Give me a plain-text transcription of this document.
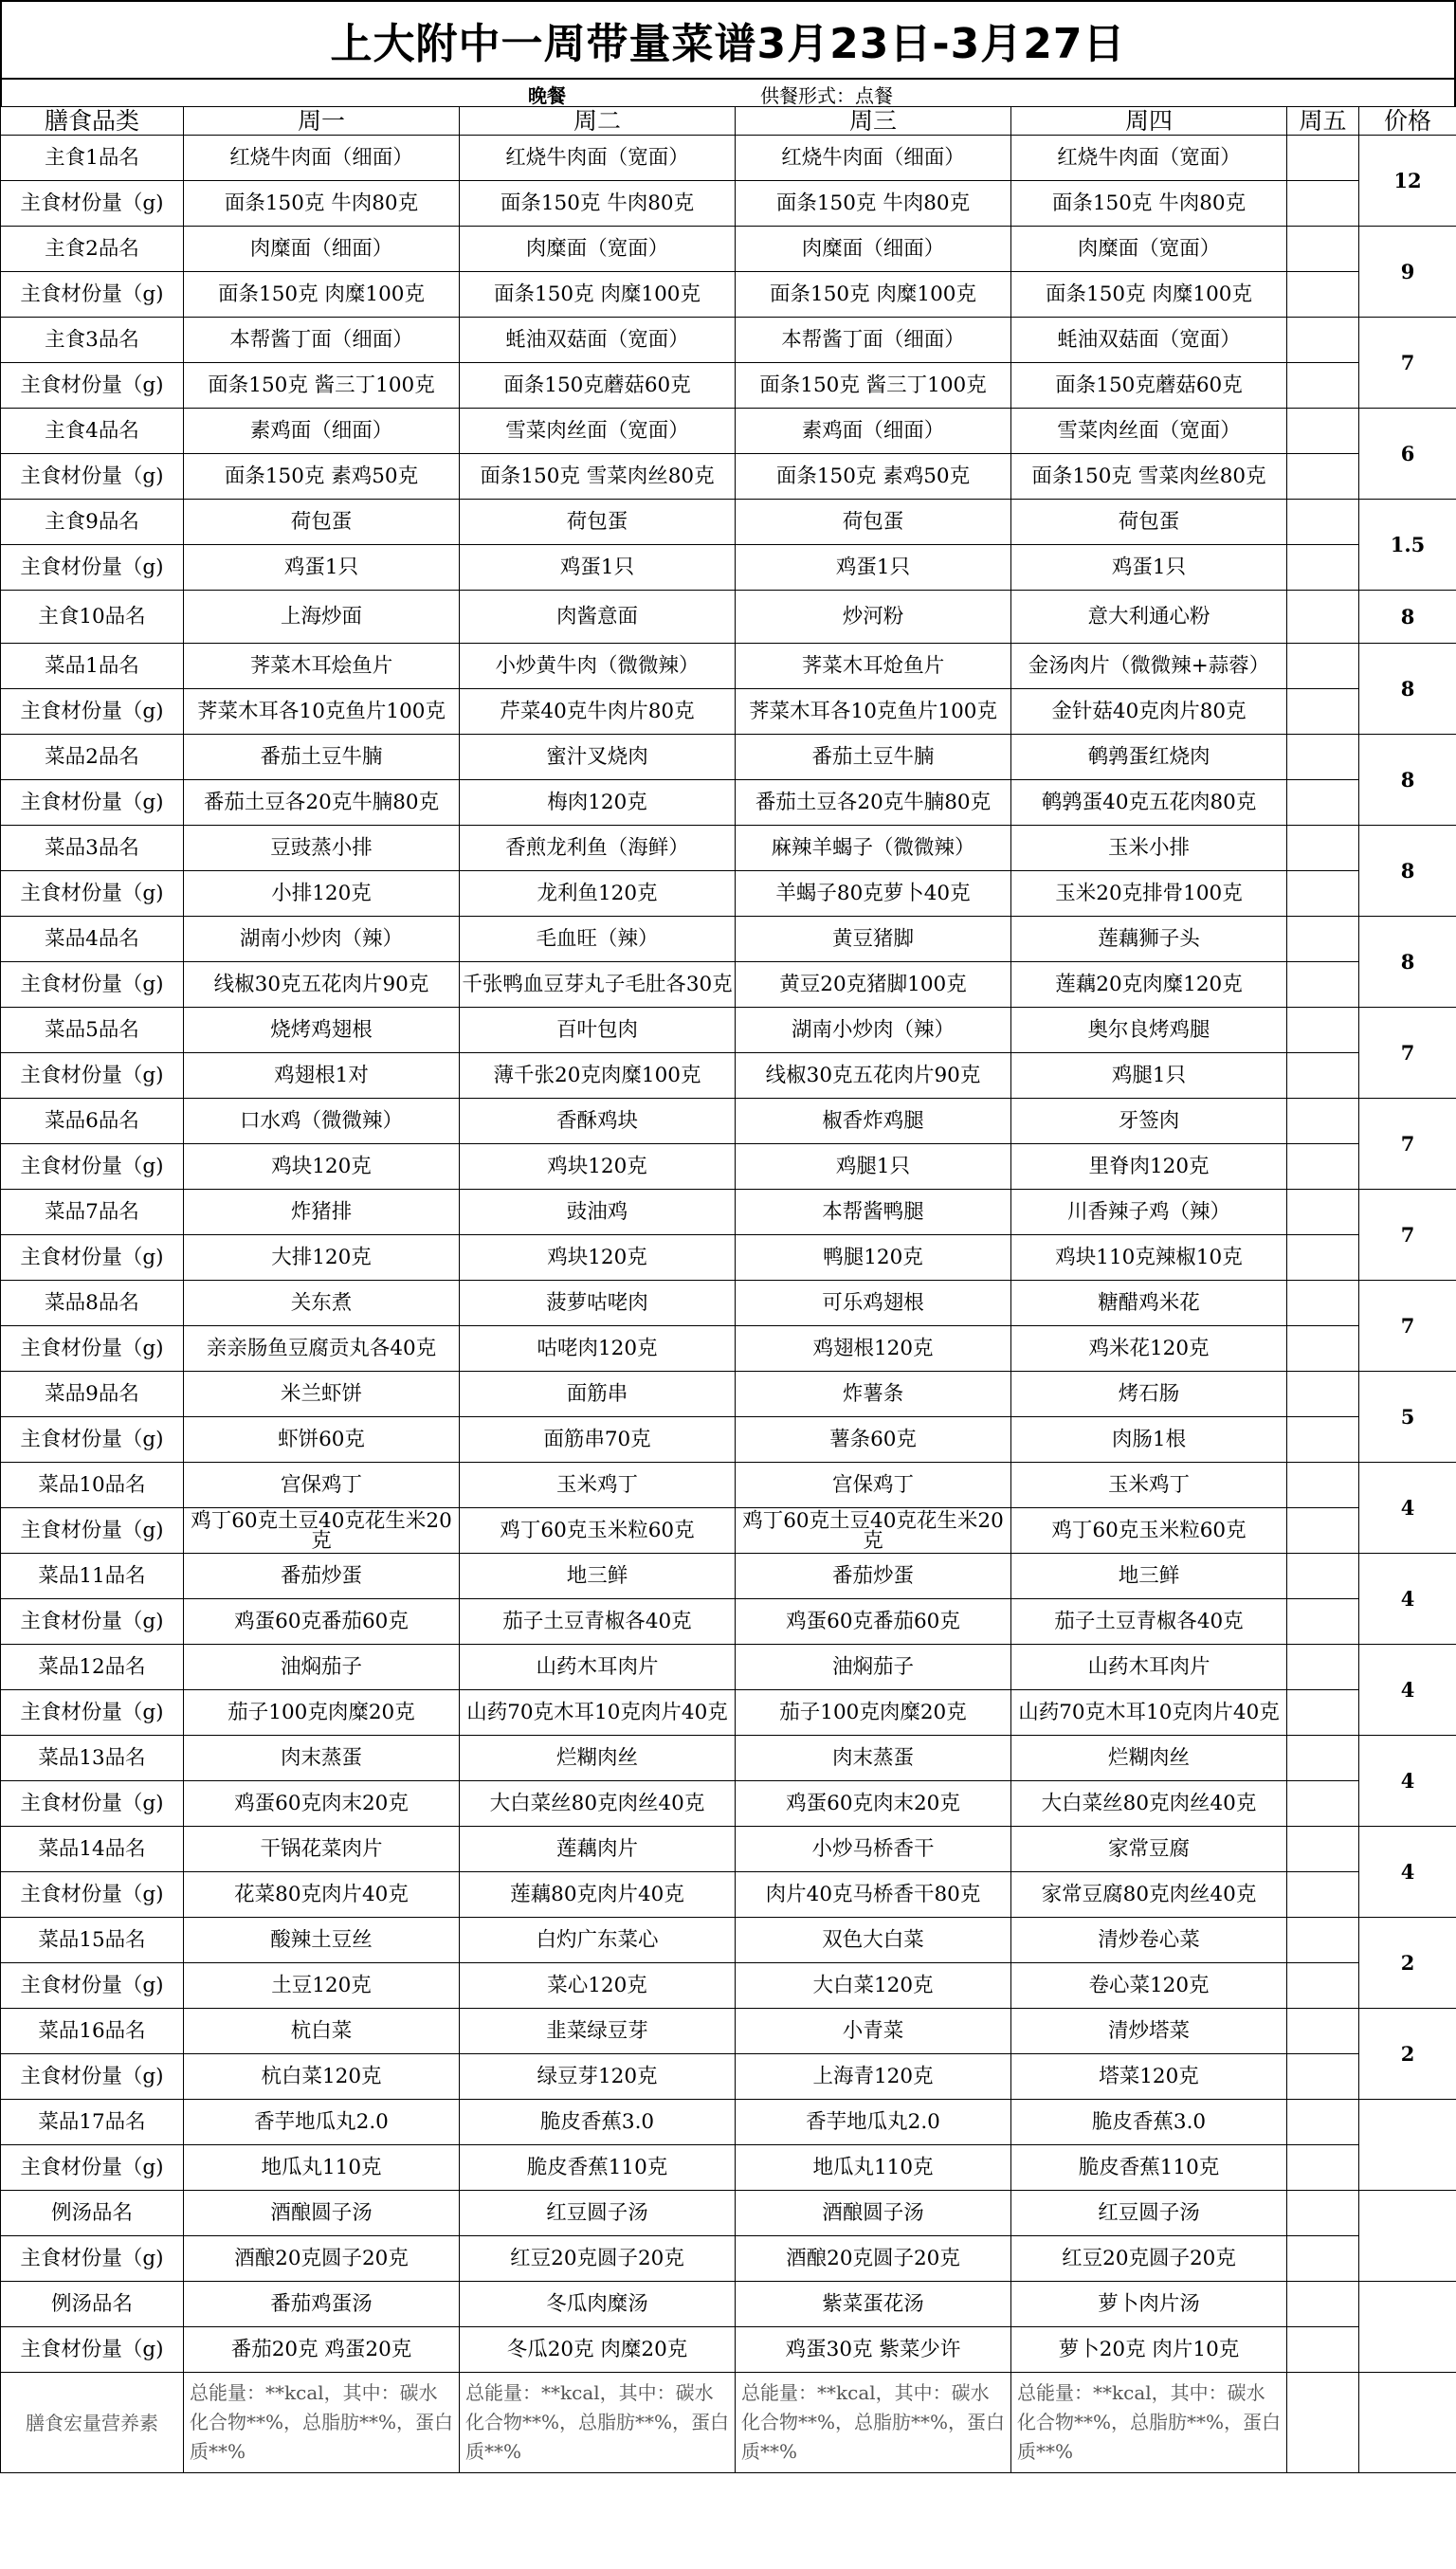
上大附中一周带量菜谱3月23日-3月27日
晚餐	供餐形式：点餐
膳食品类	周一	周二	周三	周四	周五	价格
主食1品名	红烧牛肉面（细面）	红烧牛肉面（宽面）	红烧牛肉面（细面）	红烧牛肉面（宽面）		12
主食材份量（g)	面条150克 牛肉80克	面条150克 牛肉80克	面条150克 牛肉80克	面条150克 牛肉80克		
主食2品名	肉糜面（细面）	肉糜面（宽面）	肉糜面（细面）	肉糜面（宽面）		9
主食材份量（g)	面条150克 肉糜100克	面条150克 肉糜100克	面条150克 肉糜100克	面条150克 肉糜100克		
主食3品名	本帮酱丁面（细面）	蚝油双菇面（宽面）	本帮酱丁面（细面）	蚝油双菇面（宽面）		7
主食材份量（g)	面条150克 酱三丁100克	面条150克蘑菇60克	面条150克 酱三丁100克	面条150克蘑菇60克		
主食4品名	素鸡面（细面）	雪菜肉丝面（宽面）	素鸡面（细面）	雪菜肉丝面（宽面）		6
主食材份量（g)	面条150克 素鸡50克	面条150克 雪菜肉丝80克	面条150克 素鸡50克	面条150克 雪菜肉丝80克		
主食9品名	荷包蛋	荷包蛋	荷包蛋	荷包蛋		1.5
主食材份量（g)	鸡蛋1只	鸡蛋1只	鸡蛋1只	鸡蛋1只		
主食10品名	上海炒面	肉酱意面	炒河粉	意大利通心粉		8
菜品1品名	荠菜木耳烩鱼片	小炒黄牛肉（微微辣）	荠菜木耳炝鱼片	金汤肉片（微微辣+蒜蓉）		8
主食材份量（g)	荠菜木耳各10克鱼片100克	芹菜40克牛肉片80克	荠菜木耳各10克鱼片100克	金针菇40克肉片80克		
菜品2品名	番茄土豆牛腩	蜜汁叉烧肉	番茄土豆牛腩	鹌鹑蛋红烧肉		8
主食材份量（g)	番茄土豆各20克牛腩80克	梅肉120克	番茄土豆各20克牛腩80克	鹌鹑蛋40克五花肉80克		
菜品3品名	豆豉蒸小排	香煎龙利鱼（海鲜）	麻辣羊蝎子（微微辣）	玉米小排		8
主食材份量（g)	小排120克	龙利鱼120克	羊蝎子80克萝卜40克	玉米20克排骨100克		
菜品4品名	湖南小炒肉（辣）	毛血旺（辣）	黄豆猪脚	莲藕狮子头		8
主食材份量（g)	线椒30克五花肉片90克	千张鸭血豆芽丸子毛肚各30克	黄豆20克猪脚100克	莲藕20克肉糜120克		
菜品5品名	烧烤鸡翅根	百叶包肉	湖南小炒肉（辣）	奥尔良烤鸡腿		7
主食材份量（g)	鸡翅根1对	薄千张20克肉糜100克	线椒30克五花肉片90克	鸡腿1只		
菜品6品名	口水鸡（微微辣）	香酥鸡块	椒香炸鸡腿	牙签肉		7
主食材份量（g)	鸡块120克	鸡块120克	鸡腿1只	里脊肉120克		
菜品7品名	炸猪排	豉油鸡	本帮酱鸭腿	川香辣子鸡（辣）		7
主食材份量（g)	大排120克	鸡块120克	鸭腿120克	鸡块110克辣椒10克		
菜品8品名	关东煮	菠萝咕咾肉	可乐鸡翅根	糖醋鸡米花		7
主食材份量（g)	亲亲肠鱼豆腐贡丸各40克	咕咾肉120克	鸡翅根120克	鸡米花120克		
菜品9品名	米兰虾饼	面筋串	炸薯条	烤石肠		5
主食材份量（g)	虾饼60克	面筋串70克	薯条60克	肉肠1根		
菜品10品名	宫保鸡丁	玉米鸡丁	宫保鸡丁	玉米鸡丁		4
主食材份量（g)	鸡丁60克土豆40克花生米20克	鸡丁60克玉米粒60克	鸡丁60克土豆40克花生米20克	鸡丁60克玉米粒60克		
菜品11品名	番茄炒蛋	地三鲜	番茄炒蛋	地三鲜		4
主食材份量（g)	鸡蛋60克番茄60克	茄子土豆青椒各40克	鸡蛋60克番茄60克	茄子土豆青椒各40克		
菜品12品名	油焖茄子	山药木耳肉片	油焖茄子	山药木耳肉片		4
主食材份量（g)	茄子100克肉糜20克	山药70克木耳10克肉片40克	茄子100克肉糜20克	山药70克木耳10克肉片40克		
菜品13品名	肉末蒸蛋	烂糊肉丝	肉末蒸蛋	烂糊肉丝		4
主食材份量（g)	鸡蛋60克肉末20克	大白菜丝80克肉丝40克	鸡蛋60克肉末20克	大白菜丝80克肉丝40克		
菜品14品名	干锅花菜肉片	莲藕肉片	小炒马桥香干	家常豆腐		4
主食材份量（g)	花菜80克肉片40克	莲藕80克肉片40克	肉片40克马桥香干80克	家常豆腐80克肉丝40克		
菜品15品名	酸辣土豆丝	白灼广东菜心	双色大白菜	清炒卷心菜		2
主食材份量（g)	土豆120克	菜心120克	大白菜120克	卷心菜120克		
菜品16品名	杭白菜	韭菜绿豆芽	小青菜	清炒塔菜		2
主食材份量（g)	杭白菜120克	绿豆芽120克	上海青120克	塔菜120克		
菜品17品名	香芋地瓜丸2.0	脆皮香蕉3.0	香芋地瓜丸2.0	脆皮香蕉3.0		
主食材份量（g)	地瓜丸110克	脆皮香蕉110克	地瓜丸110克	脆皮香蕉110克		
例汤品名	酒酿圆子汤	红豆圆子汤	酒酿圆子汤	红豆圆子汤		
主食材份量（g)	酒酿20克圆子20克	红豆20克圆子20克	酒酿20克圆子20克	红豆20克圆子20克		
例汤品名	番茄鸡蛋汤	冬瓜肉糜汤	紫菜蛋花汤	萝卜肉片汤		
主食材份量（g)	番茄20克 鸡蛋20克	冬瓜20克 肉糜20克	鸡蛋30克 紫菜少许	萝卜20克 肉片10克		
膳食宏量营养素	总能量：**kcal，其中：碳水化合物**%，总脂肪**%，蛋白质**%	总能量：**kcal，其中：碳水化合物**%，总脂肪**%，蛋白质**%	总能量：**kcal，其中：碳水化合物**%，总脂肪**%，蛋白质**%	总能量：**kcal，其中：碳水化合物**%，总脂肪**%，蛋白质**%		
